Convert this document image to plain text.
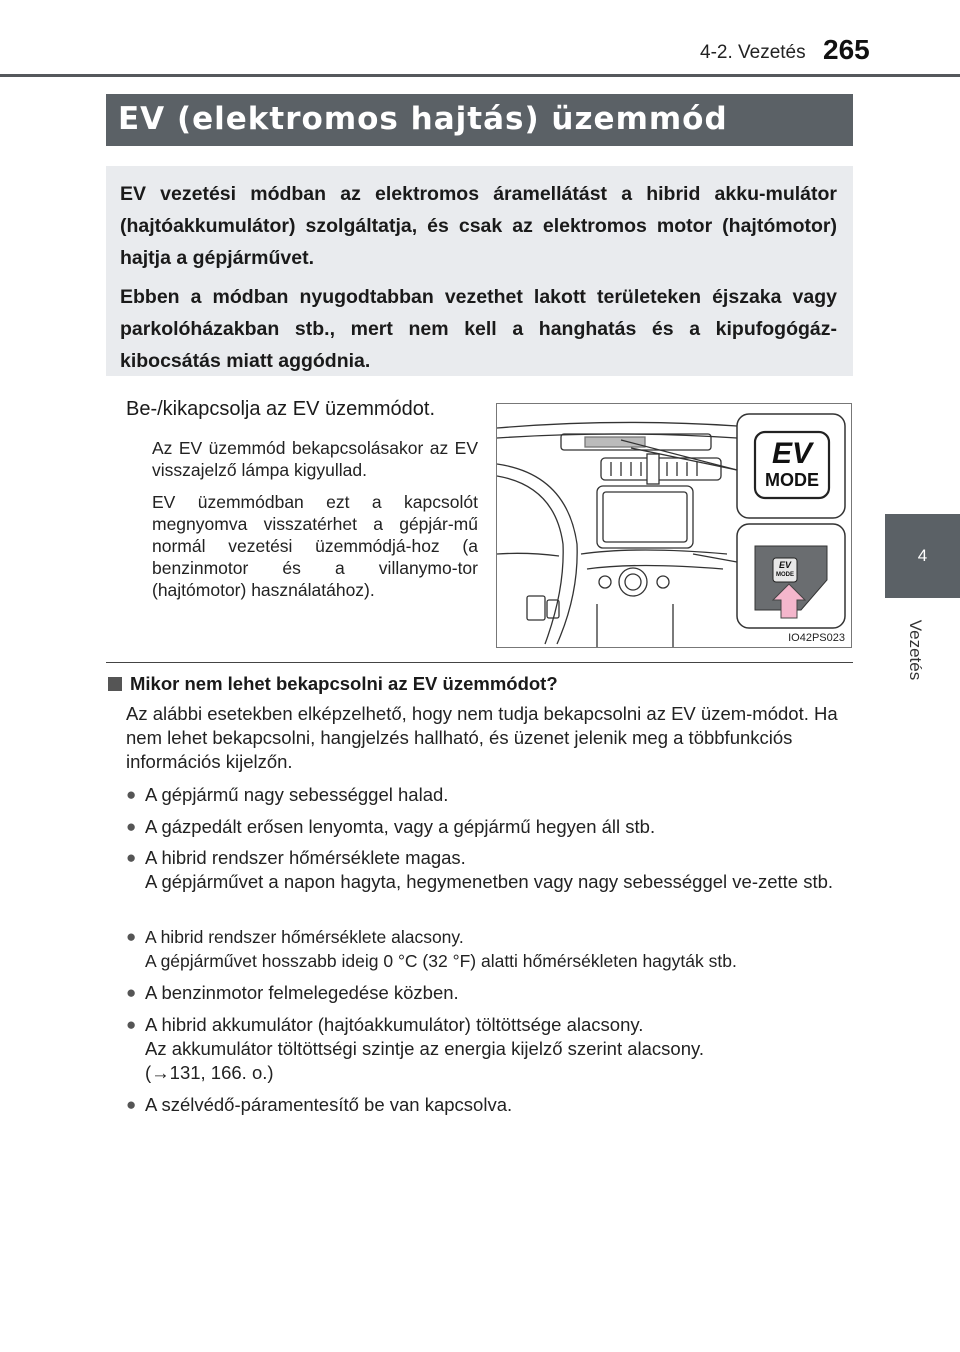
4-2. Vezetés 265
4
Vezetés
EV (elektromos hajtás) üzemmód

EV vezetési módban az elektromos áramellátást a hibrid akku-mulátor (hajtóakkumulátor) szolgáltatja, és csak az elektromos motor (hajtómotor) hajtja a gépjárművet.

Ebben a módban nyugodtabban vezethet lakott területeken éjszaka vagy parkolóházakban stb., mert nem kell a hanghatás és a kipufogógáz-kibocsátás miatt aggódnia.

Be-/kikapcsolja az EV üzemmódot.
Az EV üzemmód bekapcsolásakor az EV visszajelző lámpa kigyullad.
EV üzemmódban ezt a kapcsolót megnyomva visszatérhet a gépjár-mű normál vezetési üzemmódjá-hoz (a benzinmotor és a villanymo-tor (hajtómotor) használatához).
EV
MODE
EV
MODE
IO42PS023
Mikor nem lehet bekapcsolni az EV üzemmódot?
Az alábbi esetekben elképzelhető, hogy nem tudja bekapcsolni az EV üzem-módot. Ha nem lehet bekapcsolni, hangjelzés hallható, és üzenet jelenik meg a többfunkciós információs kijelzőn.
● A gépjármű nagy sebességgel halad.
● A gázpedált erősen lenyomta, vagy a gépjármű hegyen áll stb.
● A hibrid rendszer hőmérséklete magas.
A gépjárművet a napon hagyta, hegymenetben vagy nagy sebességgel ve-zette stb.
● A hibrid rendszer hőmérséklete alacsony.
A gépjárművet hosszabb ideig 0 °C (32 °F) alatti hőmérsékleten hagyták stb.
● A benzinmotor felmelegedése közben.
● A hibrid akkumulátor (hajtóakkumulátor) töltöttsége alacsony.
Az akkumulátor töltöttségi szintje az energia kijelző szerint alacsony.
(→131, 166. o.)
● A szélvédő-páramentesítő be van kapcsolva.
